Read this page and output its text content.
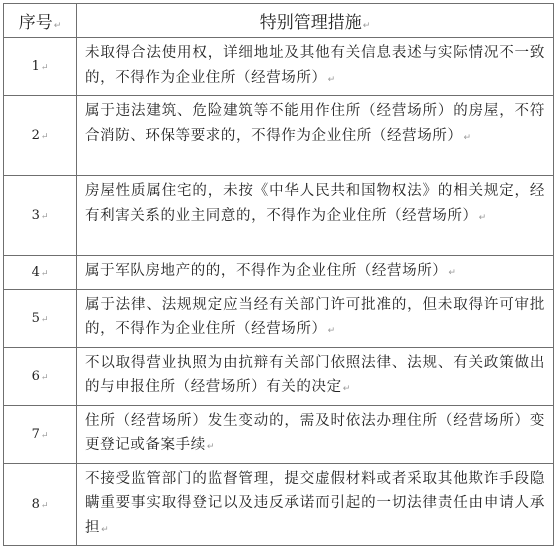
序号↵	特别管理措施↵
1↵	未取得合法使用权，详细地址及其他有关信息表述与实际情况不一致的，不得作为企业住所（经营场所）↵
2↵	属于违法建筑、危险建筑等不能用作住所（经营场所）的房屋，不符合消防、环保等要求的，不得作为企业住所（经营场所）↵
3↵	房屋性质属住宅的，未按《中华人民共和国物权法》的相关规定，经有利害关系的业主同意的，不得作为企业住所（经营场所）↵
4↵	属于军队房地产的的，不得作为企业住所（经营场所）↵
5↵	属于法律、法规规定应当经有关部门许可批准的，但未取得许可审批的，不得作为企业住所（经营场所）↵
6↵	不以取得营业执照为由抗辩有关部门依照法律、法规、有关政策做出的与申报住所（经营场所）有关的决定↵
7↵	住所（经营场所）发生变动的，需及时依法办理住所（经营场所）变更登记或备案手续↵
8↵	不接受监管部门的监督管理，提交虚假材料或者采取其他欺诈手段隐瞒重要事实取得登记以及违反承诺而引起的一切法律责任由申请人承担↵
